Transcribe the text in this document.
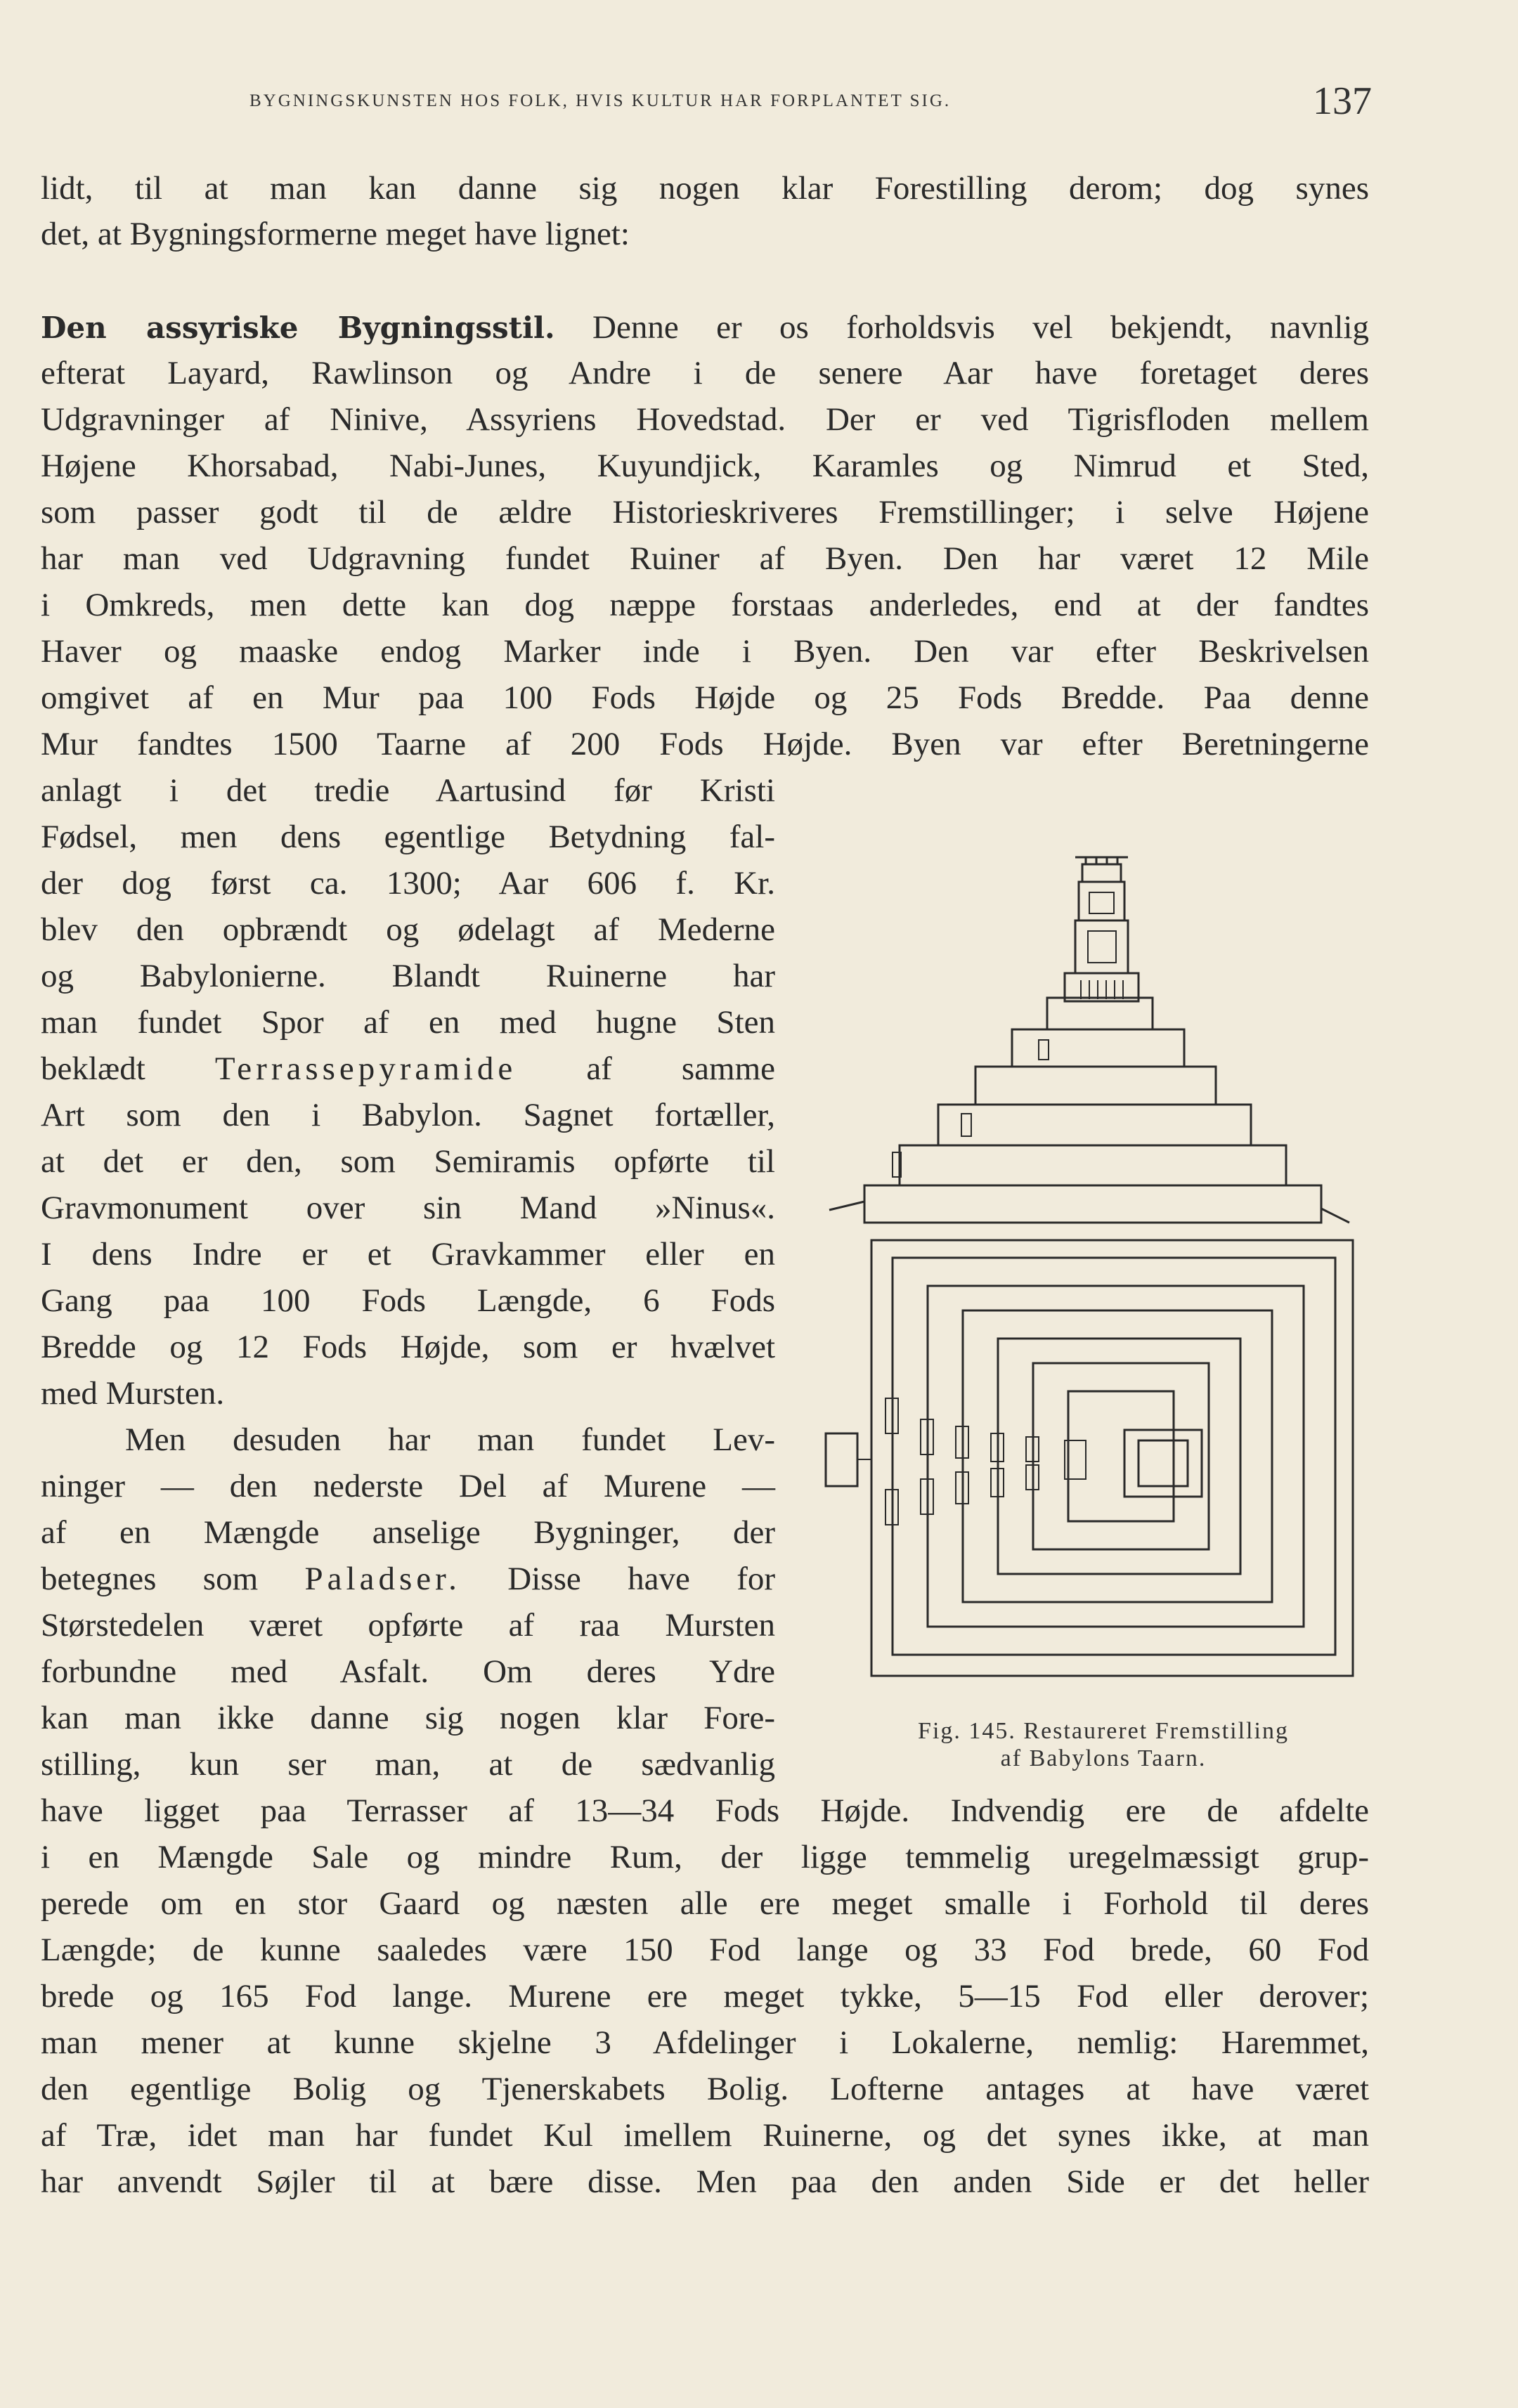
BYGNINGSKUNSTEN HOS FOLK, HVIS KULTUR HAR FORPLANTET SIG.	137
lidt, til at man kan danne sig nogen klar Forestilling derom; dog synes
det, at Bygningsformerne meget have lignet:
Den assyriske Bygningsstil. Denne er os forholdsvis vel bekjendt, navnlig
efterat Layard, Rawlinson og Andre i de senere Aar have foretaget deres
Udgravninger af Ninive, Assyriens Hovedstad. Der er ved Tigrisfloden mellem
Højene Khorsabad, Nabi-Junes, Kuyundjick, Karamles og Nimrud et Sted,
som passer godt til de ældre Historieskriveres Fremstillinger; i selve Højene
har man ved Udgravning fundet Ruiner af Byen. Den har været 12 Mile
i Omkreds, men dette kan dog næppe forstaas anderledes, end at der fandtes
Haver og maaske endog Marker inde i Byen. Den var efter Beskrivelsen
omgivet af en Mur paa 100 Fods Højde og 25 Fods Bredde. Paa denne
Mur fandtes 1500 Taarne af 200 Fods Højde. Byen var efter Beretningerne
anlagt i det tredie Aartusind før Kristi
Fødsel, men dens egentlige Betydning fal-
der dog først ca. 1300; Aar 606 f. Kr.
blev den opbrændt og ødelagt af Mederne
og Babylonierne. Blandt Ruinerne har
man fundet Spor af en med hugne Sten
beklædt Terrassepyramide af samme
Art som den i Babylon. Sagnet fortæller,
at det er den, som Semiramis opførte til
Gravmonument over sin Mand »Ninus«.
I dens Indre er et Gravkammer eller en
Gang paa 100 Fods Længde, 6 Fods
Bredde og 12 Fods Højde, som er hvælvet
med Mursten.
Men desuden har man fundet Lev-
ninger — den nederste Del af Murene —
af en Mængde anselige Bygninger, der
betegnes som Paladser. Disse have for
Størstedelen været opførte af raa Mursten
forbundne med Asfalt. Om deres Ydre
kan man ikke danne sig nogen klar Fore-
stilling, kun ser man, at de sædvanlig
have ligget paa Terrasser af 13—34 Fods Højde. Indvendig ere de afdelte
i en Mængde Sale og mindre Rum, der ligge temmelig uregelmæssigt grup-
perede om en stor Gaard og næsten alle ere meget smalle i Forhold til deres
Længde; de kunne saaledes være 150 Fod lange og 33 Fod brede, 60 Fod
brede og 165 Fod lange. Murene ere meget tykke, 5—15 Fod eller derover;
man mener at kunne skjelne 3 Afdelinger i Lokalerne, nemlig: Haremmet,
den egentlige Bolig og Tjenerskabets Bolig. Lofterne antages at have været
af Træ, idet man har fundet Kul imellem Ruinerne, og det synes ikke, at man
har anvendt Søjler til at bære disse. Men paa den anden Side er det heller
Fig. 145. Restaureret Fremstilling
af Babylons Taarn.
